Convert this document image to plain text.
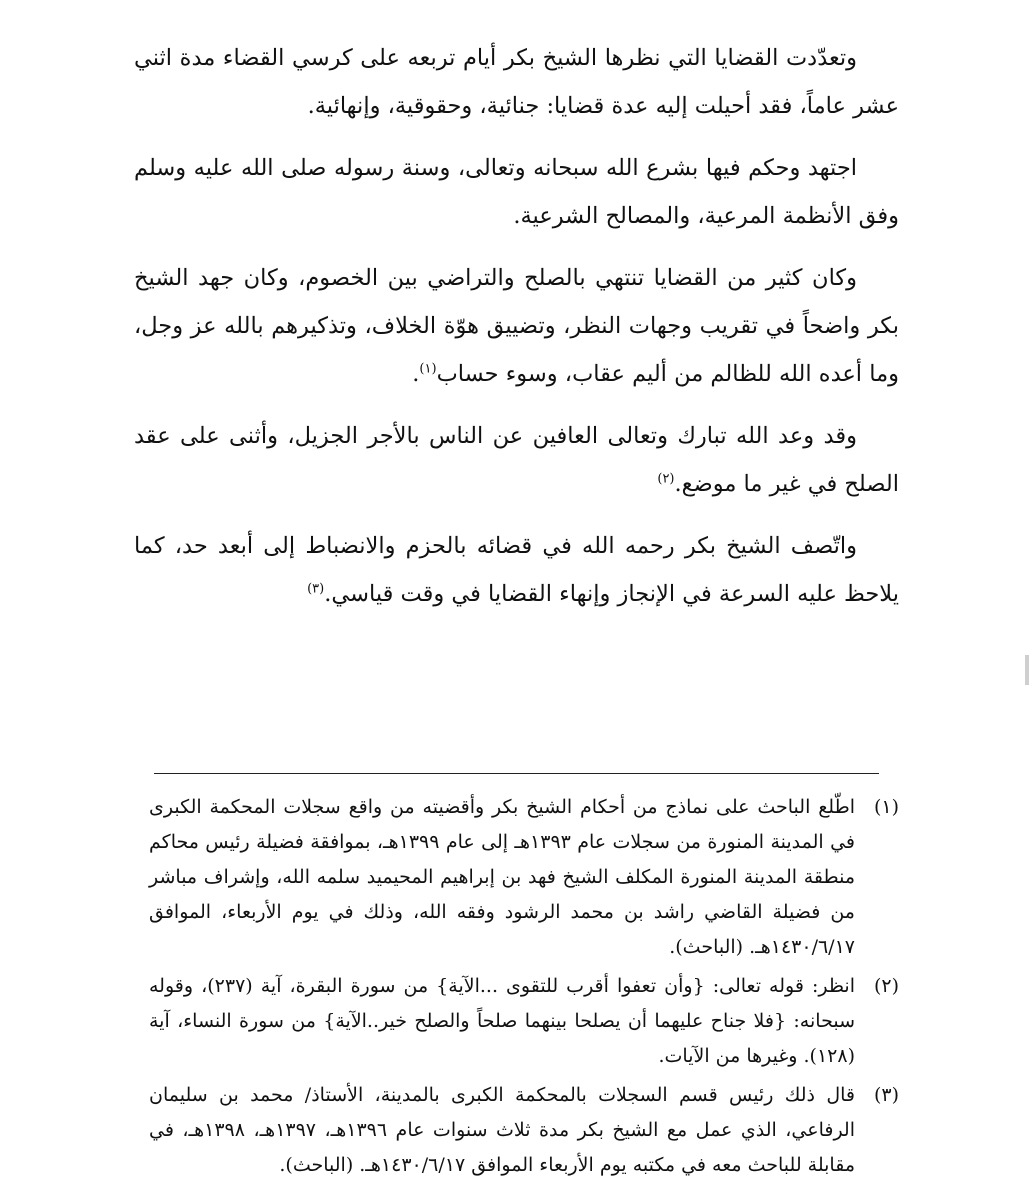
وتعدّدت القضايا التي نظرها الشيخ بكر أيام تربعه على كرسي القضاء مدة اثني عشر عاماً، فقد أحيلت إليه عدة قضايا: جنائية، وحقوقية، وإنهائية.

اجتهد وحكم فيها بشرع الله سبحانه وتعالى، وسنة رسوله صلى الله عليه وسلم وفق الأنظمة المرعية، والمصالح الشرعية.

وكان كثير من القضايا تنتهي بالصلح والتراضي بين الخصوم، وكان جهد الشيخ بكر واضحاً في تقريب وجهات النظر، وتضييق هوّة الخلاف، وتذكيرهم بالله عز وجل، وما أعده الله للظالم من أليم عقاب، وسوء حساب$^{(١)}$.

وقد وعد الله تبارك وتعالى العافين عن الناس بالأجر الجزيل، وأثنى على عقد الصلح في غير ما موضع.$^{(٢)}$

واتّصف الشيخ بكر رحمه الله في قضائه بالحزم والانضباط إلى أبعد حد، كما يلاحظ عليه السرعة في الإنجاز وإنهاء القضايا في وقت قياسي.$^{(٣)}$

(١)
اطّلع الباحث على نماذج من أحكام الشيخ بكر وأقضيته من واقع سجلات المحكمة الكبرى في المدينة المنورة من سجلات عام ١٣٩٣هـ إلى عام ١٣٩٩هـ، بموافقة فضيلة رئيس محاكم منطقة المدينة المنورة المكلف الشيخ فهد بن إبراهيم المحيميد سلمه الله، وإشراف مباشر من فضيلة القاضي راشد بن محمد الرشود وفقه الله، وذلك في يوم الأربعاء، الموافق ١٤٣٠/٦/١٧هـ. (الباحث).
(٢)
انظر: قوله تعالى: {وأن تعفوا أقرب للتقوى ...الآية} من سورة البقرة، آية (٢٣٧)، وقوله سبحانه: {فلا جناح عليهما أن يصلحا بينهما صلحاً والصلح خير..الآية} من سورة النساء، آية (١٢٨). وغيرها من الآيات.
(٣)
قال ذلك رئيس قسم السجلات بالمحكمة الكبرى بالمدينة، الأستاذ/ محمد بن سليمان الرفاعي، الذي عمل مع الشيخ بكر مدة ثلاث سنوات عام ١٣٩٦هـ، ١٣٩٧هـ، ١٣٩٨هـ، في مقابلة للباحث معه في مكتبه يوم الأربعاء الموافق ١٤٣٠/٦/١٧هـ. (الباحث).
